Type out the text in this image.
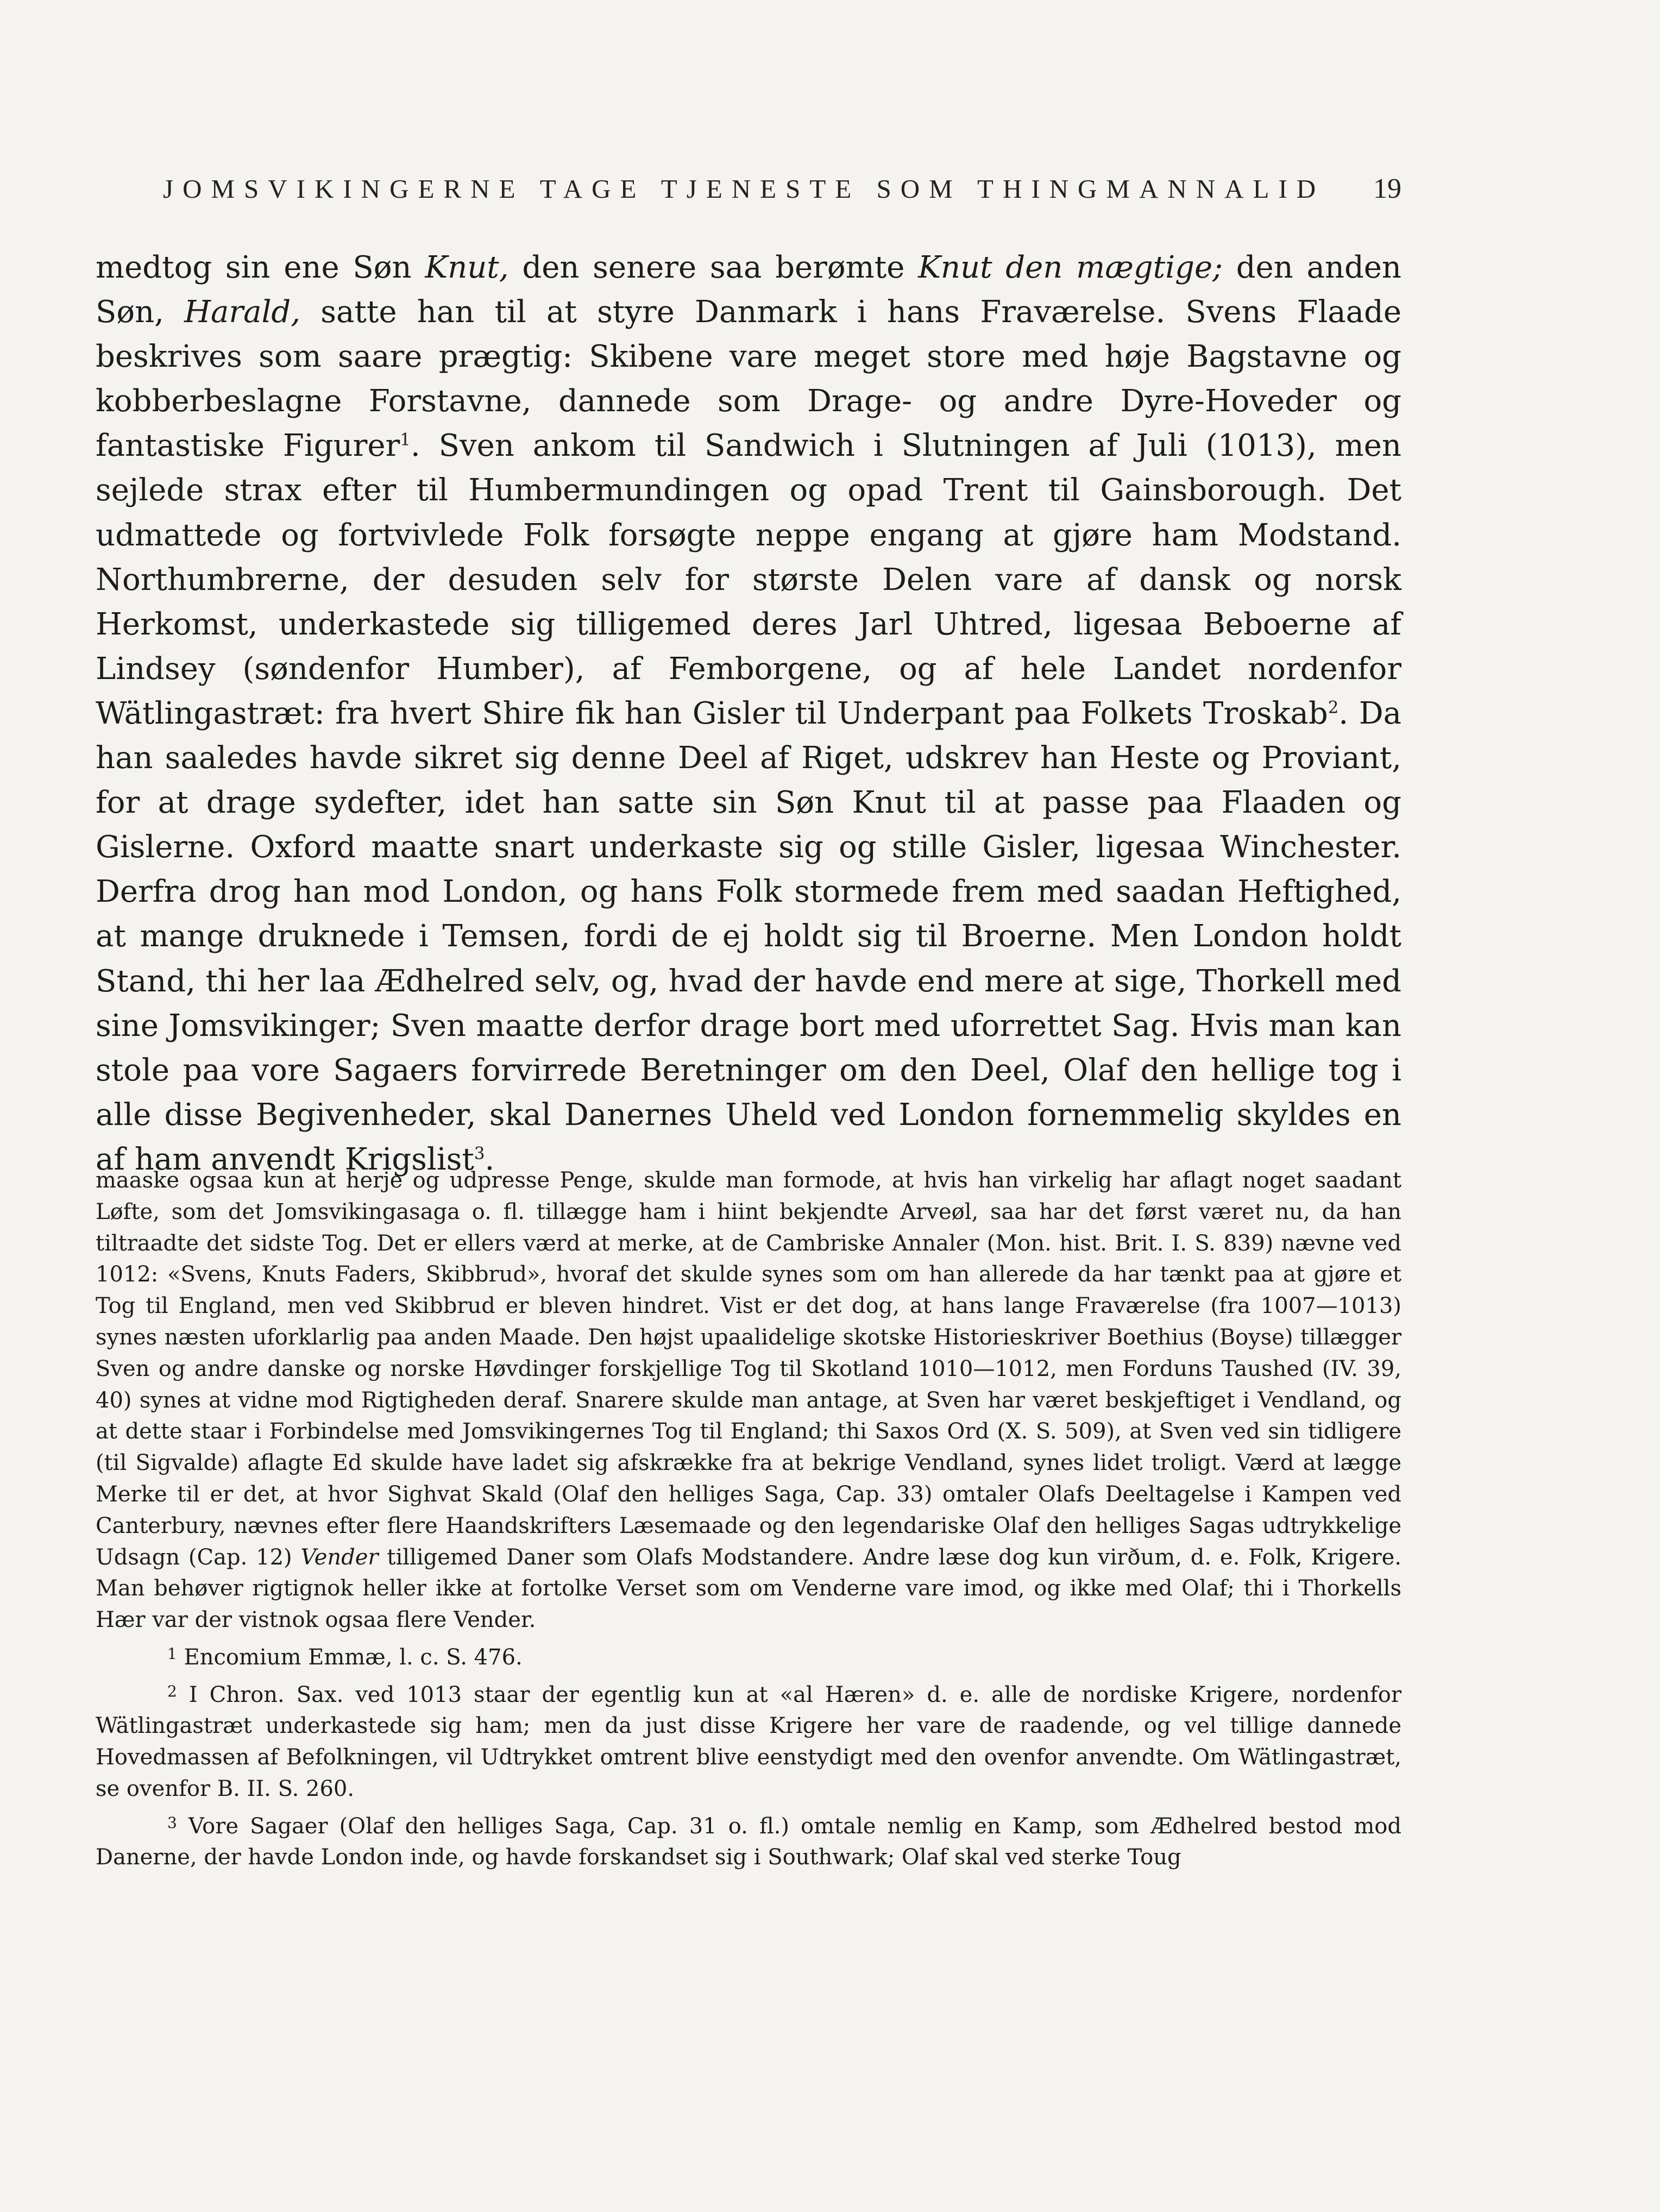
JOMSVIKINGERNE TAGE TJENESTE SOM THINGMANNALID 19

medtog sin ene Søn Knut, den senere saa berømte Knut den mægtige; den anden Søn, Harald, satte han til at styre Danmark i hans Fraværelse. Svens Flaade beskrives som saare prægtig: Skibene vare meget store med høje Bagstavne og kobberbeslagne Forstavne, dannede som Drage- og andre Dyre-Hoveder og fantastiske Figurer$^1$. Sven ankom til Sandwich i Slutningen af Juli (1013), men sejlede strax efter til Humbermundingen og opad Trent til Gainsborough. Det udmattede og fortvivlede Folk forsøgte neppe engang at gjøre ham Modstand. Northumbrerne, der desuden selv for største Delen vare af dansk og norsk Herkomst, underkastede sig tilligemed deres Jarl Uhtred, ligesaa Beboerne af Lindsey (søndenfor Humber), af Femborgene, og af hele Landet nordenfor Wätlingastræt: fra hvert Shire fik han Gisler til Underpant paa Folkets Troskab$^2$. Da han saaledes havde sikret sig denne Deel af Riget, udskrev han Heste og Proviant, for at drage sydefter, idet han satte sin Søn Knut til at passe paa Flaaden og Gislerne. Oxford maatte snart underkaste sig og stille Gisler, ligesaa Winchester. Derfra drog han mod London, og hans Folk stormede frem med saadan Heftighed, at mange druknede i Temsen, fordi de ej holdt sig til Broerne. Men London holdt Stand, thi her laa Ædhelred selv, og, hvad der havde end mere at sige, Thorkell med sine Jomsvikinger; Sven maatte derfor drage bort med uforrettet Sag. Hvis man kan stole paa vore Sagaers forvirrede Beretninger om den Deel, Olaf den hellige tog i alle disse Begivenheder, skal Danernes Uheld ved London fornemmelig skyldes en af ham anvendt Krigslist$^3$.

maaske ogsaa kun at herje og udpresse Penge, skulde man formode, at hvis han virkelig har aflagt noget saadant Løfte, som det Jomsvikingasaga o. fl. tillægge ham i hiint bekjendte Arveøl, saa har det først været nu, da han tiltraadte det sidste Tog. Det er ellers værd at merke, at de Cambriske Annaler (Mon. hist. Brit. I. S. 839) nævne ved 1012: «Svens, Knuts Faders, Skibbrud», hvoraf det skulde synes som om han allerede da har tænkt paa at gjøre et Tog til England, men ved Skibbrud er bleven hindret. Vist er det dog, at hans lange Fraværelse (fra 1007—1013) synes næsten uforklarlig paa anden Maade. Den højst upaalidelige skotske Historieskriver Boethius (Boyse) tillægger Sven og andre danske og norske Høvdinger forskjellige Tog til Skotland 1010—1012, men Forduns Taushed (IV. 39, 40) synes at vidne mod Rigtigheden deraf. Snarere skulde man antage, at Sven har været beskjeftiget i Vendland, og at dette staar i Forbindelse med Jomsvikingernes Tog til England; thi Saxos Ord (X. S. 509), at Sven ved sin tidligere (til Sigvalde) aflagte Ed skulde have ladet sig afskrække fra at bekrige Vendland, synes lidet troligt. Værd at lægge Merke til er det, at hvor Sighvat Skald (Olaf den helliges Saga, Cap. 33) omtaler Olafs Deeltagelse i Kampen ved Canterbury, nævnes efter flere Haandskrifters Læsemaade og den legendariske Olaf den helliges Sagas udtrykkelige Udsagn (Cap. 12) Vender tilligemed Daner som Olafs Modstandere. Andre læse dog kun virðum, d. e. Folk, Krigere. Man behøver rigtignok heller ikke at fortolke Verset som om Venderne vare imod, og ikke med Olaf; thi i Thorkells Hær var der vistnok ogsaa flere Vender.

$^1$ Encomium Emmæ, l. c. S. 476.

$^2$ I Chron. Sax. ved 1013 staar der egentlig kun at «al Hæren» d. e. alle de nordiske Krigere, nordenfor Wätlingastræt underkastede sig ham; men da just disse Krigere her vare de raadende, og vel tillige dannede Hovedmassen af Befolkningen, vil Udtrykket omtrent blive eenstydigt med den ovenfor anvendte. Om Wätlingastræt, se ovenfor B. II. S. 260.

$^3$ Vore Sagaer (Olaf den helliges Saga, Cap. 31 o. fl.) omtale nemlig en Kamp, som Ædhelred bestod mod Danerne, der havde London inde, og havde forskandset sig i Southwark; Olaf skal ved sterke Toug
